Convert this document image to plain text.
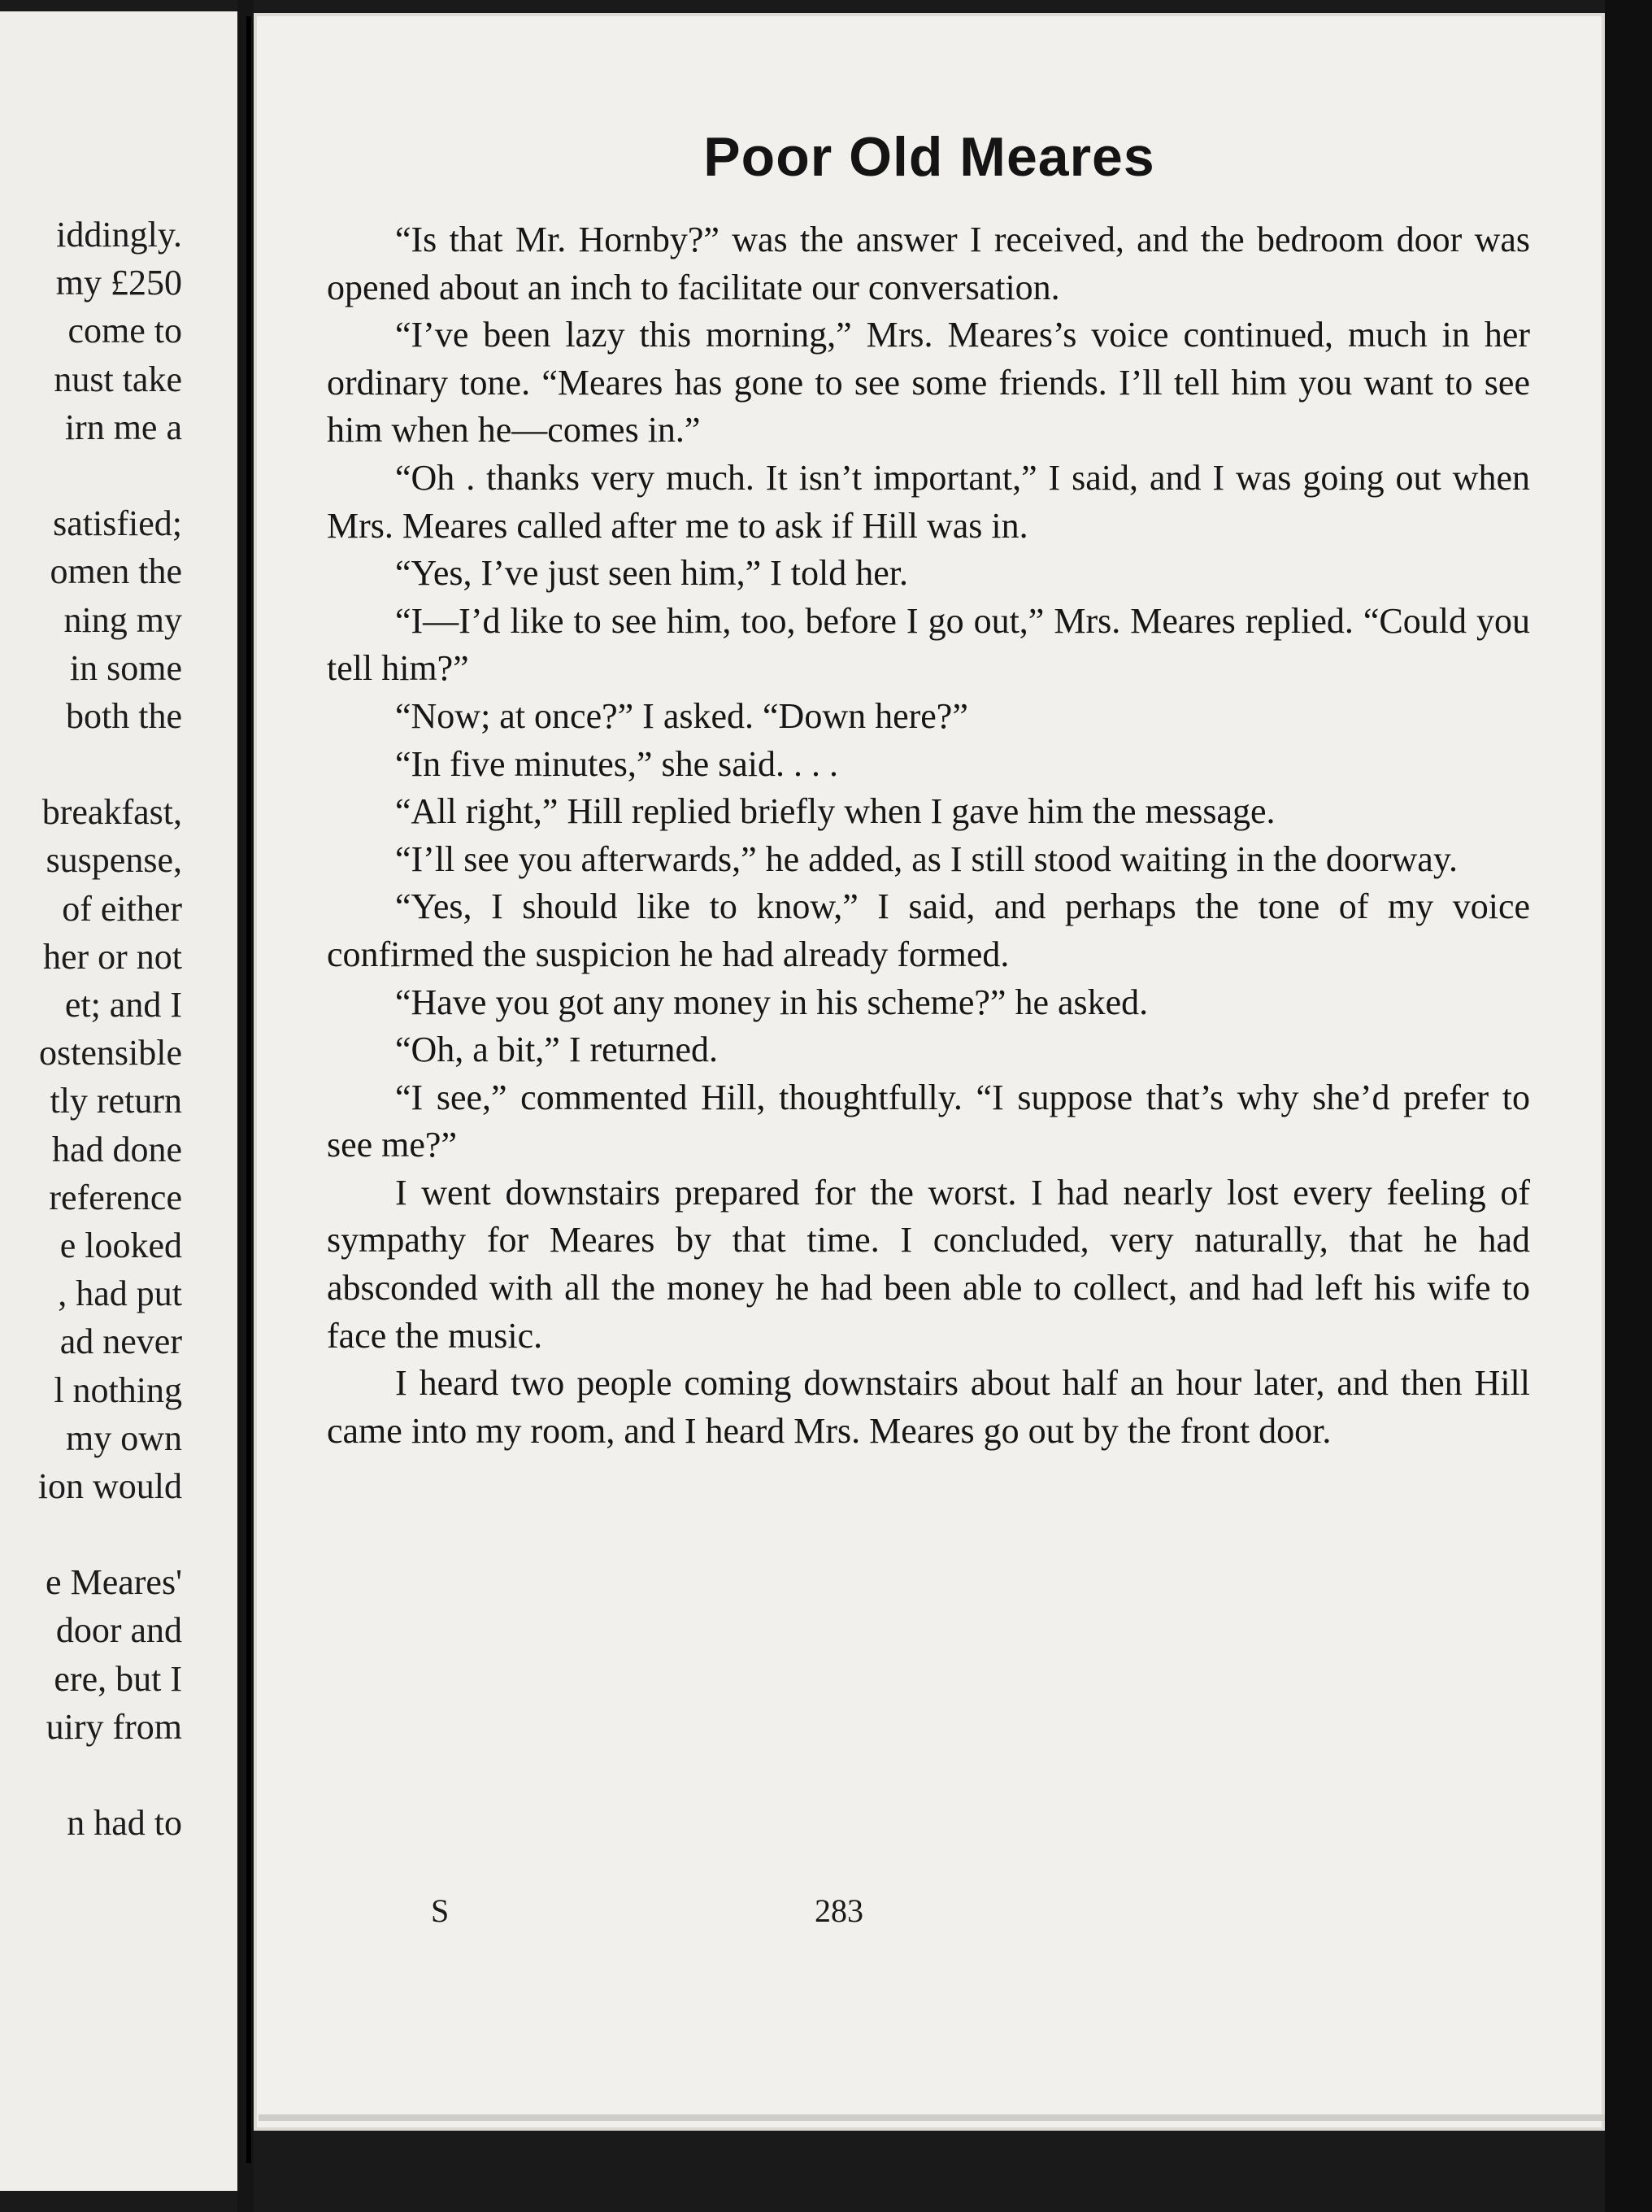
iddingly.
my £250
come to
nust take
irn me a
satisfied;
omen the
ning my
in some
both the
breakfast,
suspense,
of either
her or not
et; and I
ostensible
tly return
had done
reference
e looked
, had put
ad never
l nothing
my own
ion would
e Meares'
door and
ere, but I
uiry from
n had to
Poor Old Meares

“Is that Mr. Hornby?” was the answer I received, and the bedroom door was opened about an inch to facilitate our conversation.

“I’ve been lazy this morning,” Mrs. Meares’s voice continued, much in her ordinary tone. “Meares has gone to see some friends. I’ll tell him you want to see him when he—comes in.”

“Oh . thanks very much. It isn’t important,” I said, and I was going out when Mrs. Meares called after me to ask if Hill was in.

“Yes, I’ve just seen him,” I told her.

“I—I’d like to see him, too, before I go out,” Mrs. Meares replied. “Could you tell him?”

“Now; at once?” I asked. “Down here?”

“In five minutes,” she said. . . .

“All right,” Hill replied briefly when I gave him the message.

“I’ll see you afterwards,” he added, as I still stood waiting in the doorway.

“Yes, I should like to know,” I said, and perhaps the tone of my voice confirmed the suspicion he had already formed.

“Have you got any money in his scheme?” he asked.

“Oh, a bit,” I returned.

“I see,” commented Hill, thoughtfully. “I suppose that’s why she’d prefer to see me?”

I went downstairs prepared for the worst. I had nearly lost every feeling of sympathy for Meares by that time. I concluded, very naturally, that he had absconded with all the money he had been able to collect, and had left his wife to face the music.

I heard two people coming downstairs about half an hour later, and then Hill came into my room, and I heard Mrs. Meares go out by the front door.

S	283
